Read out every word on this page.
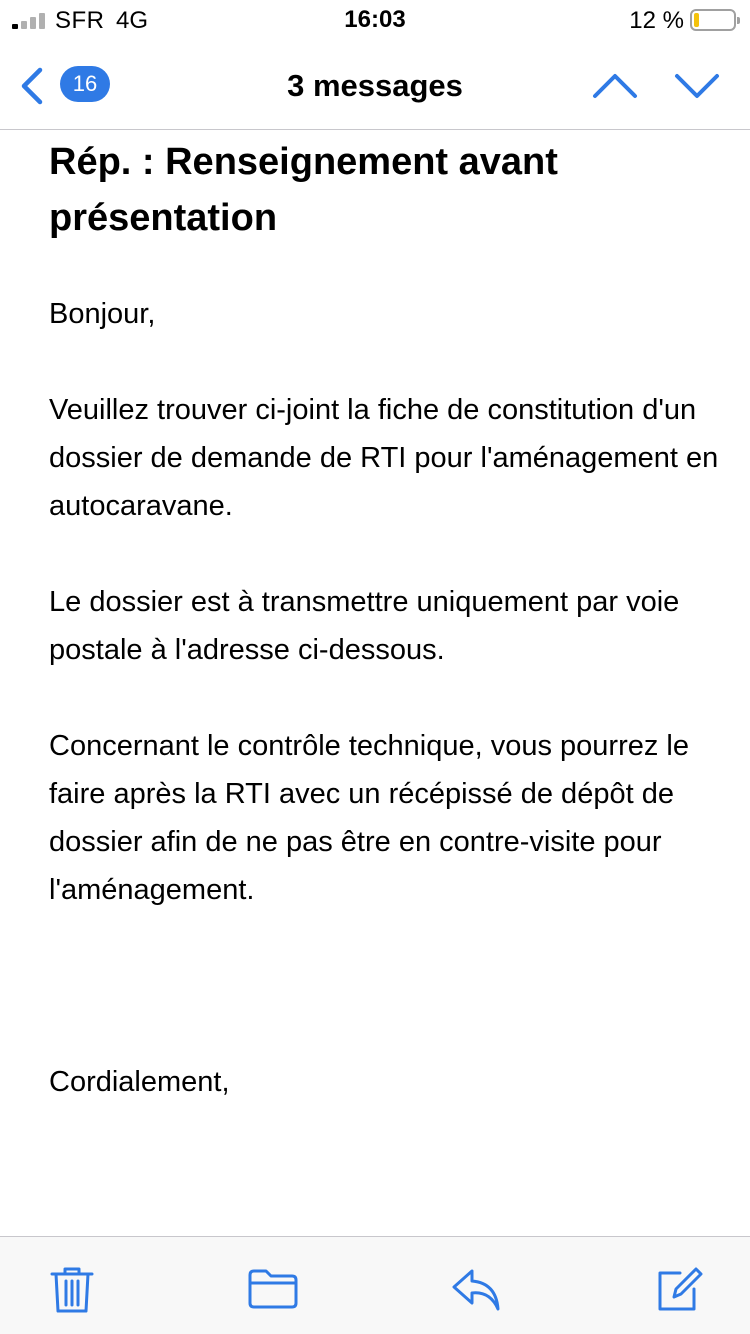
SFR 4G	16:03	12 %
16	3 messages
Rép. : Renseignement avant présentation
Bonjour,
Veuillez trouver ci-joint la fiche de constitution d'un dossier de demande de RTI pour l'aménagement en autocaravane.
Le dossier est à transmettre uniquement par voie postale à l'adresse ci-dessous.
Concernant le contrôle technique, vous pourrez le faire après la RTI avec un récépissé de dépôt de dossier afin de ne pas être en contre-visite pour l'aménagement.
Cordialement,
